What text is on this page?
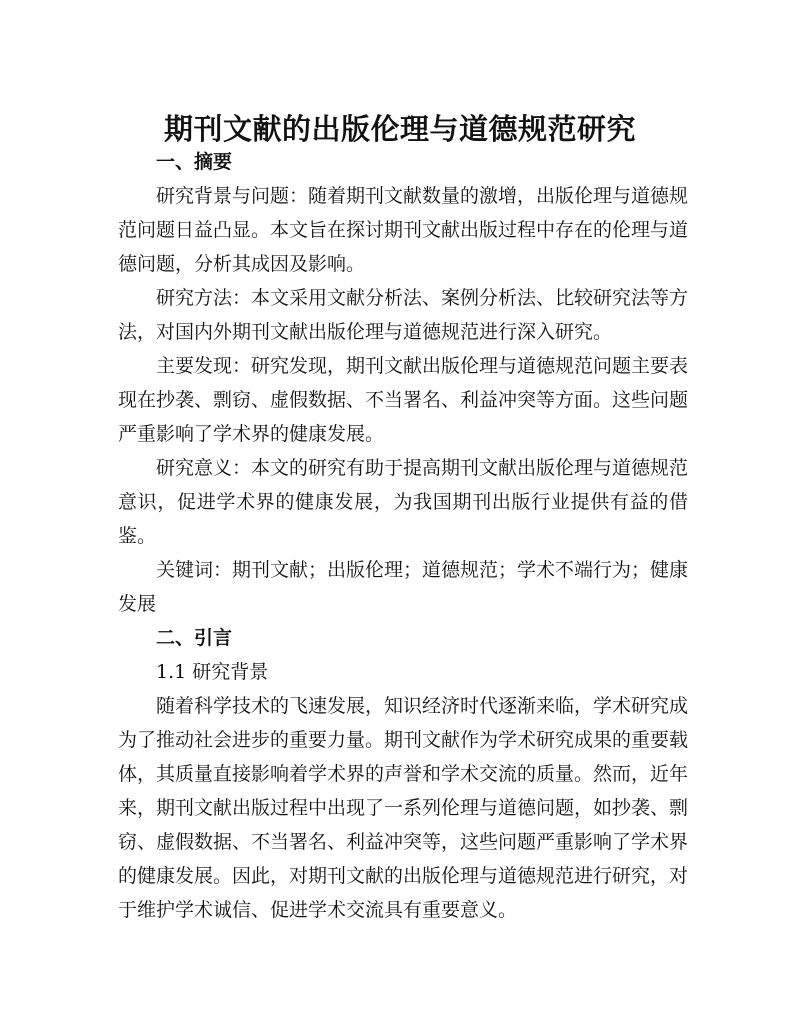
期刊文献的出版伦理与道德规范研究

一、摘要

研究背景与问题：随着期刊文献数量的激增，出版伦理与道德规范问题日益凸显。本文旨在探讨期刊文献出版过程中存在的伦理与道德问题，分析其成因及影响。

研究方法：本文采用文献分析法、案例分析法、比较研究法等方法，对国内外期刊文献出版伦理与道德规范进行深入研究。

主要发现：研究发现，期刊文献出版伦理与道德规范问题主要表现在抄袭、剽窃、虚假数据、不当署名、利益冲突等方面。这些问题严重影响了学术界的健康发展。

研究意义：本文的研究有助于提高期刊文献出版伦理与道德规范意识，促进学术界的健康发展，为我国期刊出版行业提供有益的借鉴。

关键词：期刊文献；出版伦理；道德规范；学术不端行为；健康发展

二、引言

1.1 研究背景

随着科学技术的飞速发展，知识经济时代逐渐来临，学术研究成为了推动社会进步的重要力量。期刊文献作为学术研究成果的重要载体，其质量直接影响着学术界的声誉和学术交流的质量。然而，近年来，期刊文献出版过程中出现了一系列伦理与道德问题，如抄袭、剽窃、虚假数据、不当署名、利益冲突等，这些问题严重影响了学术界的健康发展。因此，对期刊文献的出版伦理与道德规范进行研究，对于维护学术诚信、促进学术交流具有重要意义。
